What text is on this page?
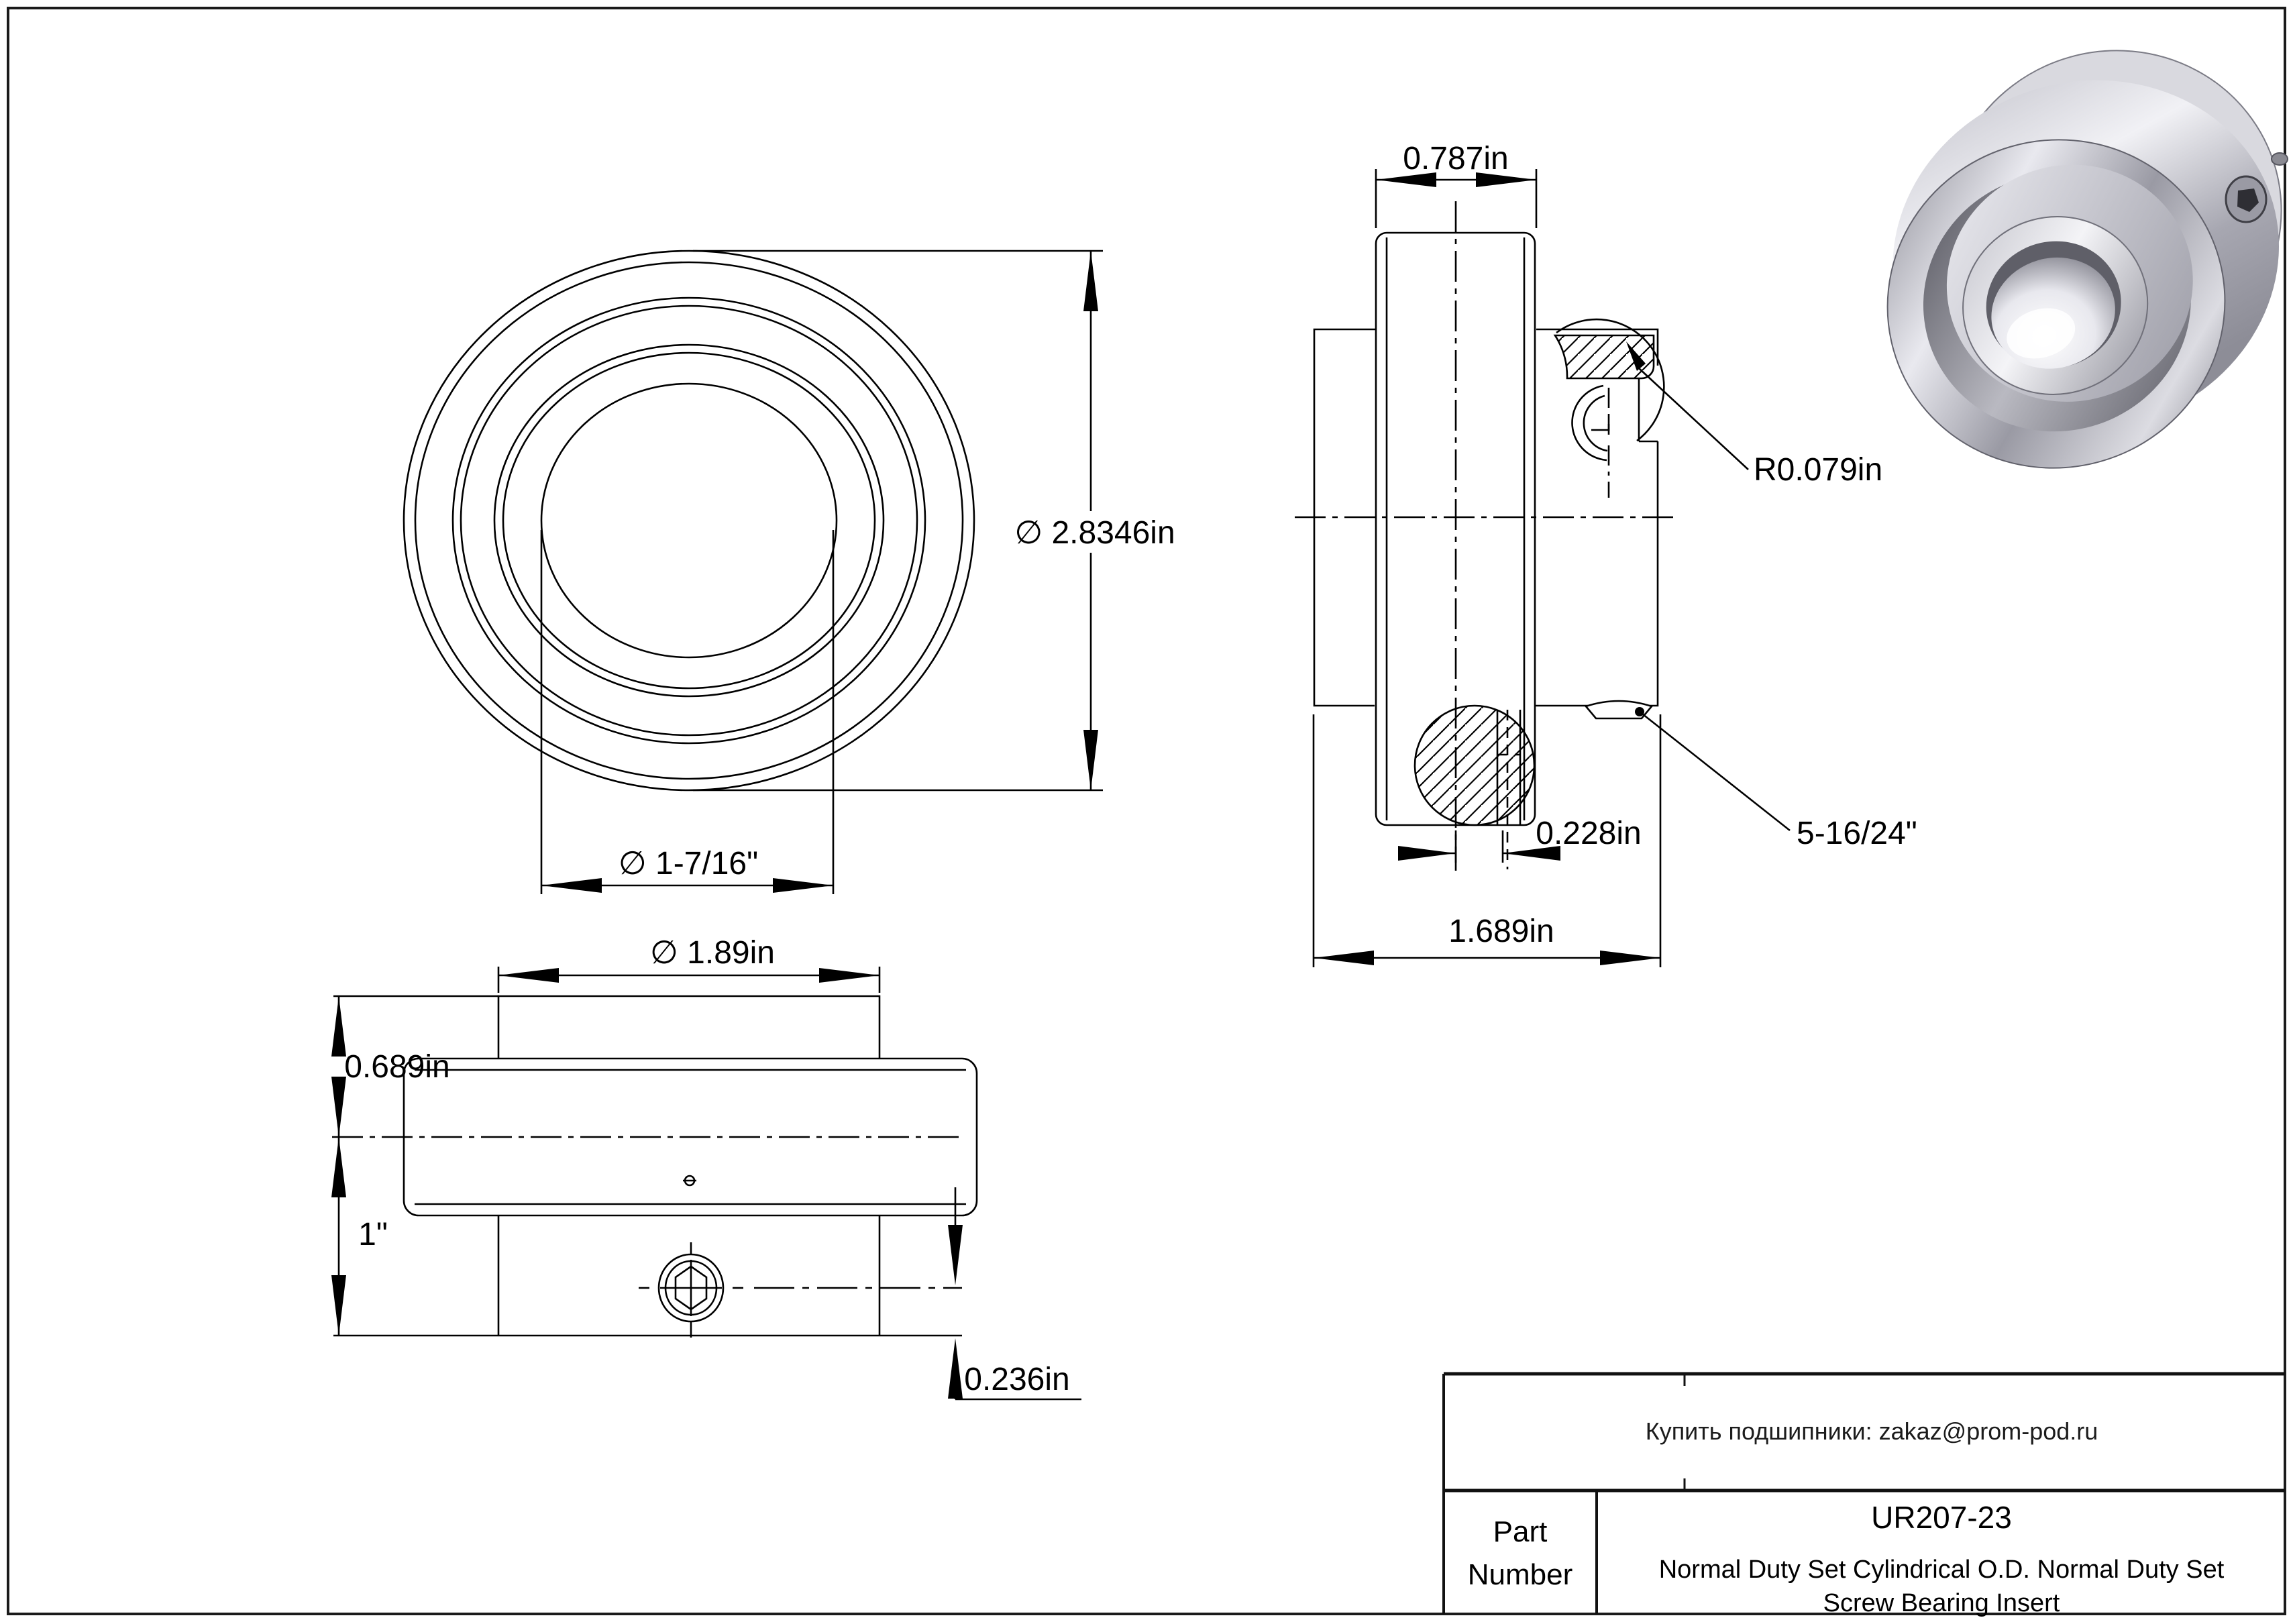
∅ 2.8346in
∅ 1-7/16"
R0.079in
5-16/24"
0.787in
0.228in
1.689in
∅ 1.89in
0.689in
1"
0.236in
Купить подшипники: zakaz@prom-pod.ru
Part
Number
UR207-23
Normal Duty Set Cylindrical O.D. Normal Duty Set
Screw Bearing Insert
